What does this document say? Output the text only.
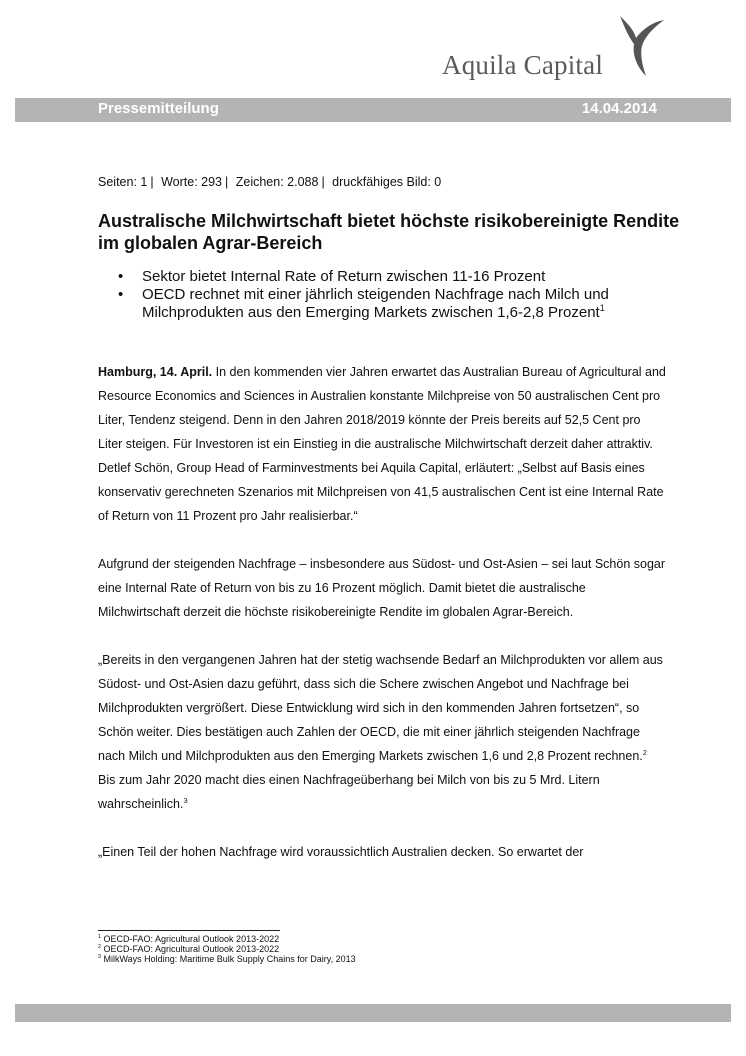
Aquila Capital
Pressemitteilung	14.04.2014
Seiten: 1 | Worte: 293 | Zeichen: 2.088 | druckfähiges Bild: 0
Australische Milchwirtschaft bietet höchste risikobereinigte Rendite im globalen Agrar-Bereich
• Sektor bietet Internal Rate of Return zwischen 11-16 Prozent
• OECD rechnet mit einer jährlich steigenden Nachfrage nach Milch und Milchprodukten aus den Emerging Markets zwischen 1,6-2,8 Prozent$^1$

Hamburg, 14. April. In den kommenden vier Jahren erwartet das Australian Bureau of Agricultural and Resource Economics and Sciences in Australien konstante Milchpreise von 50 australischen Cent pro Liter, Tendenz steigend. Denn in den Jahren 2018/2019 könnte der Preis bereits auf 52,5 Cent pro Liter steigen. Für Investoren ist ein Einstieg in die australische Milchwirtschaft derzeit daher attraktiv. Detlef Schön, Group Head of Farminvestments bei Aquila Capital, erläutert: „Selbst auf Basis eines konservativ gerechneten Szenarios mit Milchpreisen von 41,5 australischen Cent ist eine Internal Rate of Return von 11 Prozent pro Jahr realisierbar.“

Aufgrund der steigenden Nachfrage – insbesondere aus Südost- und Ost-Asien – sei laut Schön sogar eine Internal Rate of Return von bis zu 16 Prozent möglich. Damit bietet die australische Milchwirtschaft derzeit die höchste risikobereinigte Rendite im globalen Agrar-Bereich.

„Bereits in den vergangenen Jahren hat der stetig wachsende Bedarf an Milchprodukten vor allem aus Südost- und Ost-Asien dazu geführt, dass sich die Schere zwischen Angebot und Nachfrage bei Milchprodukten vergrößert. Diese Entwicklung wird sich in den kommenden Jahren fortsetzen“, so Schön weiter. Dies bestätigen auch Zahlen der OECD, die mit einer jährlich steigenden Nachfrage nach Milch und Milchprodukten aus den Emerging Markets zwischen 1,6 und 2,8 Prozent rechnen.$^2$ Bis zum Jahr 2020 macht dies einen Nachfrageüberhang bei Milch von bis zu 5 Mrd. Litern wahrscheinlich.$^3$

„Einen Teil der hohen Nachfrage wird voraussichtlich Australien decken. So erwartet der

$^1$ OECD-FAO: Agricultural Outlook 2013-2022
$^2$ OECD-FAO: Agricultural Outlook 2013-2022
$^3$ MilkWays Holding: Maritime Bulk Supply Chains for Dairy, 2013
